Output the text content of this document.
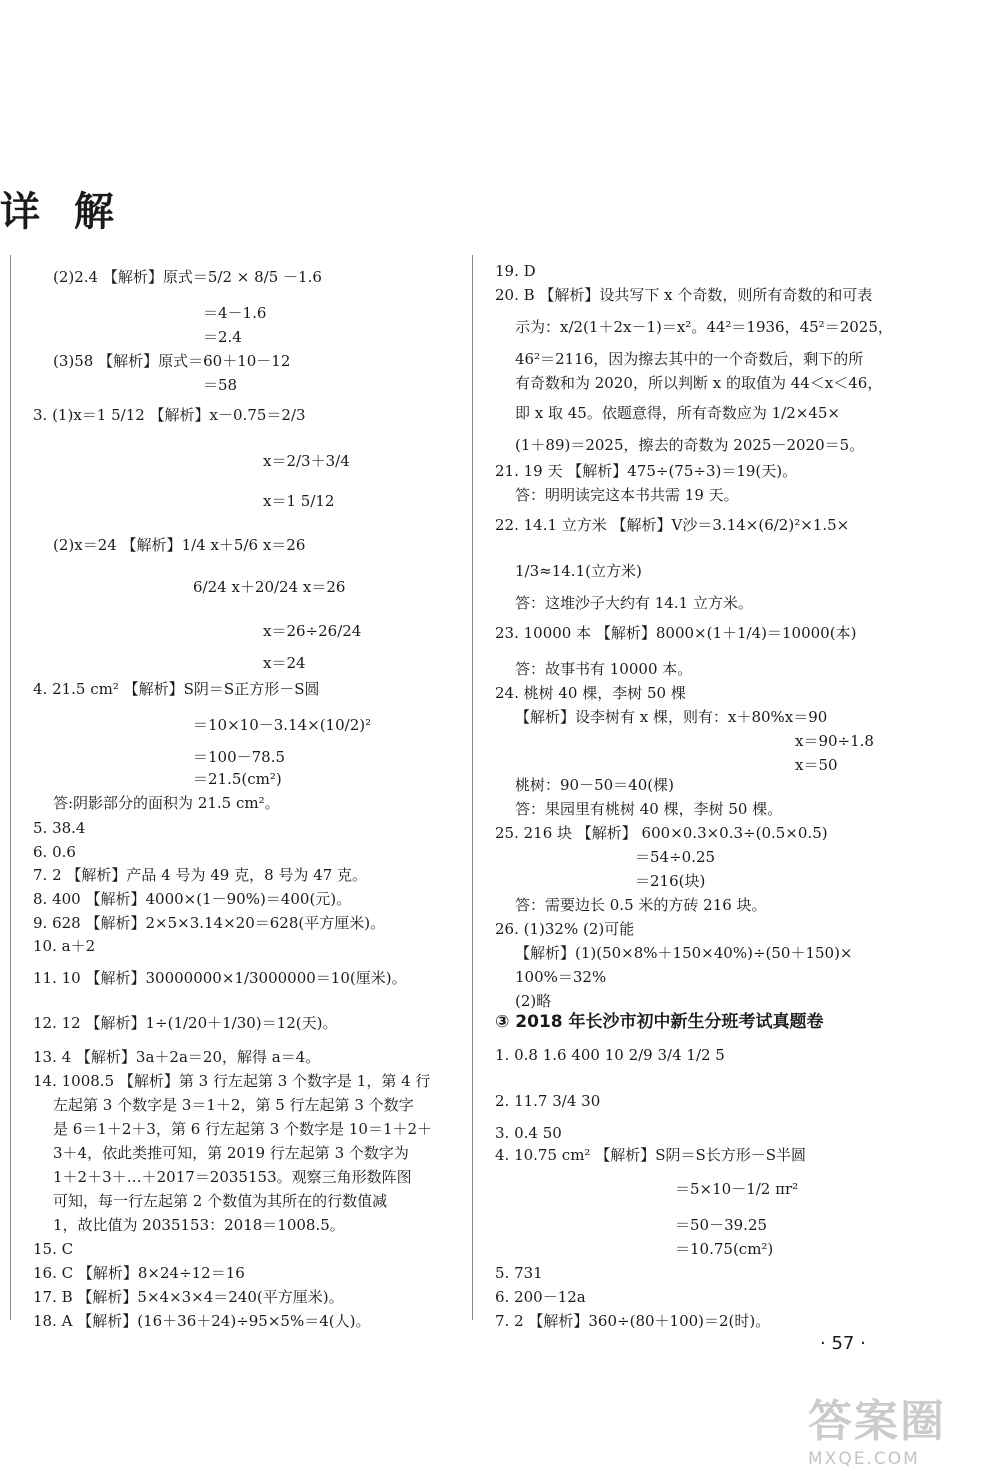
详 解
(2)2.4 【解析】原式＝5/2 × 8/5 －1.6
＝4－1.6
＝2.4
(3)58 【解析】原式＝60＋10－12
＝58
3. (1)x＝1 5/12 【解析】x－0.75＝2/3
x＝2/3＋3/4
x＝1 5/12
(2)x＝24 【解析】1/4 x＋5/6 x＝26
6/24 x＋20/24 x＝26
x＝26÷26/24
x＝24
4. 21.5 cm² 【解析】S阴＝S正方形－S圆
＝10×10－3.14×(10/2)²
＝100－78.5
＝21.5(cm²)
答:阴影部分的面积为 21.5 cm²。
5. 38.4
6. 0.6
7. 2 【解析】产品 4 号为 49 克，8 号为 47 克。
8. 400 【解析】4000×(1－90%)＝400(元)。
9. 628 【解析】2×5×3.14×20＝628(平方厘米)。
10. a＋2
11. 10 【解析】30000000×1/3000000＝10(厘米)。
12. 12 【解析】1÷(1/20＋1/30)＝12(天)。
13. 4 【解析】3a＋2a＝20，解得 a＝4。
14. 1008.5 【解析】第 3 行左起第 3 个数字是 1，第 4 行
左起第 3 个数字是 3＝1＋2，第 5 行左起第 3 个数字
是 6＝1＋2＋3，第 6 行左起第 3 个数字是 10＝1＋2＋
3＋4，依此类推可知，第 2019 行左起第 3 个数字为
1＋2＋3＋…＋2017＝2035153。观察三角形数阵图
可知，每一行左起第 2 个数值为其所在的行数值减
1，故比值为 2035153：2018＝1008.5。
15. C
16. C 【解析】8×24÷12＝16
17. B 【解析】5×4×3×4＝240(平方厘米)。
18. A 【解析】(16＋36＋24)÷95×5%＝4(人)。
③ 2018 年长沙市初中新生分班考试真题卷
19. D
20. B 【解析】设共写下 x 个奇数，则所有奇数的和可表
示为：x/2(1＋2x－1)＝x²。44²＝1936，45²＝2025，
46²＝2116，因为擦去其中的一个奇数后，剩下的所
有奇数和为 2020，所以判断 x 的取值为 44＜x＜46，
即 x 取 45。依题意得，所有奇数应为 1/2×45×
(1＋89)＝2025，擦去的奇数为 2025－2020＝5。
21. 19 天 【解析】475÷(75÷3)＝19(天)。
答：明明读完这本书共需 19 天。
22. 14.1 立方米 【解析】V沙＝3.14×(6/2)²×1.5×
1/3≈14.1(立方米)
答：这堆沙子大约有 14.1 立方米。
23. 10000 本 【解析】8000×(1＋1/4)＝10000(本)
答：故事书有 10000 本。
24. 桃树 40 棵，李树 50 棵
【解析】设李树有 x 棵，则有：x＋80%x＝90
x＝90÷1.8
x＝50
桃树：90－50＝40(棵)
答：果园里有桃树 40 棵，李树 50 棵。
25. 216 块 【解析】 600×0.3×0.3÷(0.5×0.5)
＝54÷0.25
＝216(块)
答：需要边长 0.5 米的方砖 216 块。
26. (1)32% (2)可能
【解析】(1)(50×8%＋150×40%)÷(50＋150)×
100%＝32%
(2)略
1. 0.8 1.6 400 10 2/9 3/4 1/2 5
2. 11.7 3/4 30
3. 0.4 50
4. 10.75 cm² 【解析】S阴＝S长方形－S半圆
＝5×10－1/2 πr²
＝50－39.25
＝10.75(cm²)
5. 731
6. 200－12a
7. 2 【解析】360÷(80＋100)＝2(时)。
· 57 ·
答案圈
MXQE.COM
